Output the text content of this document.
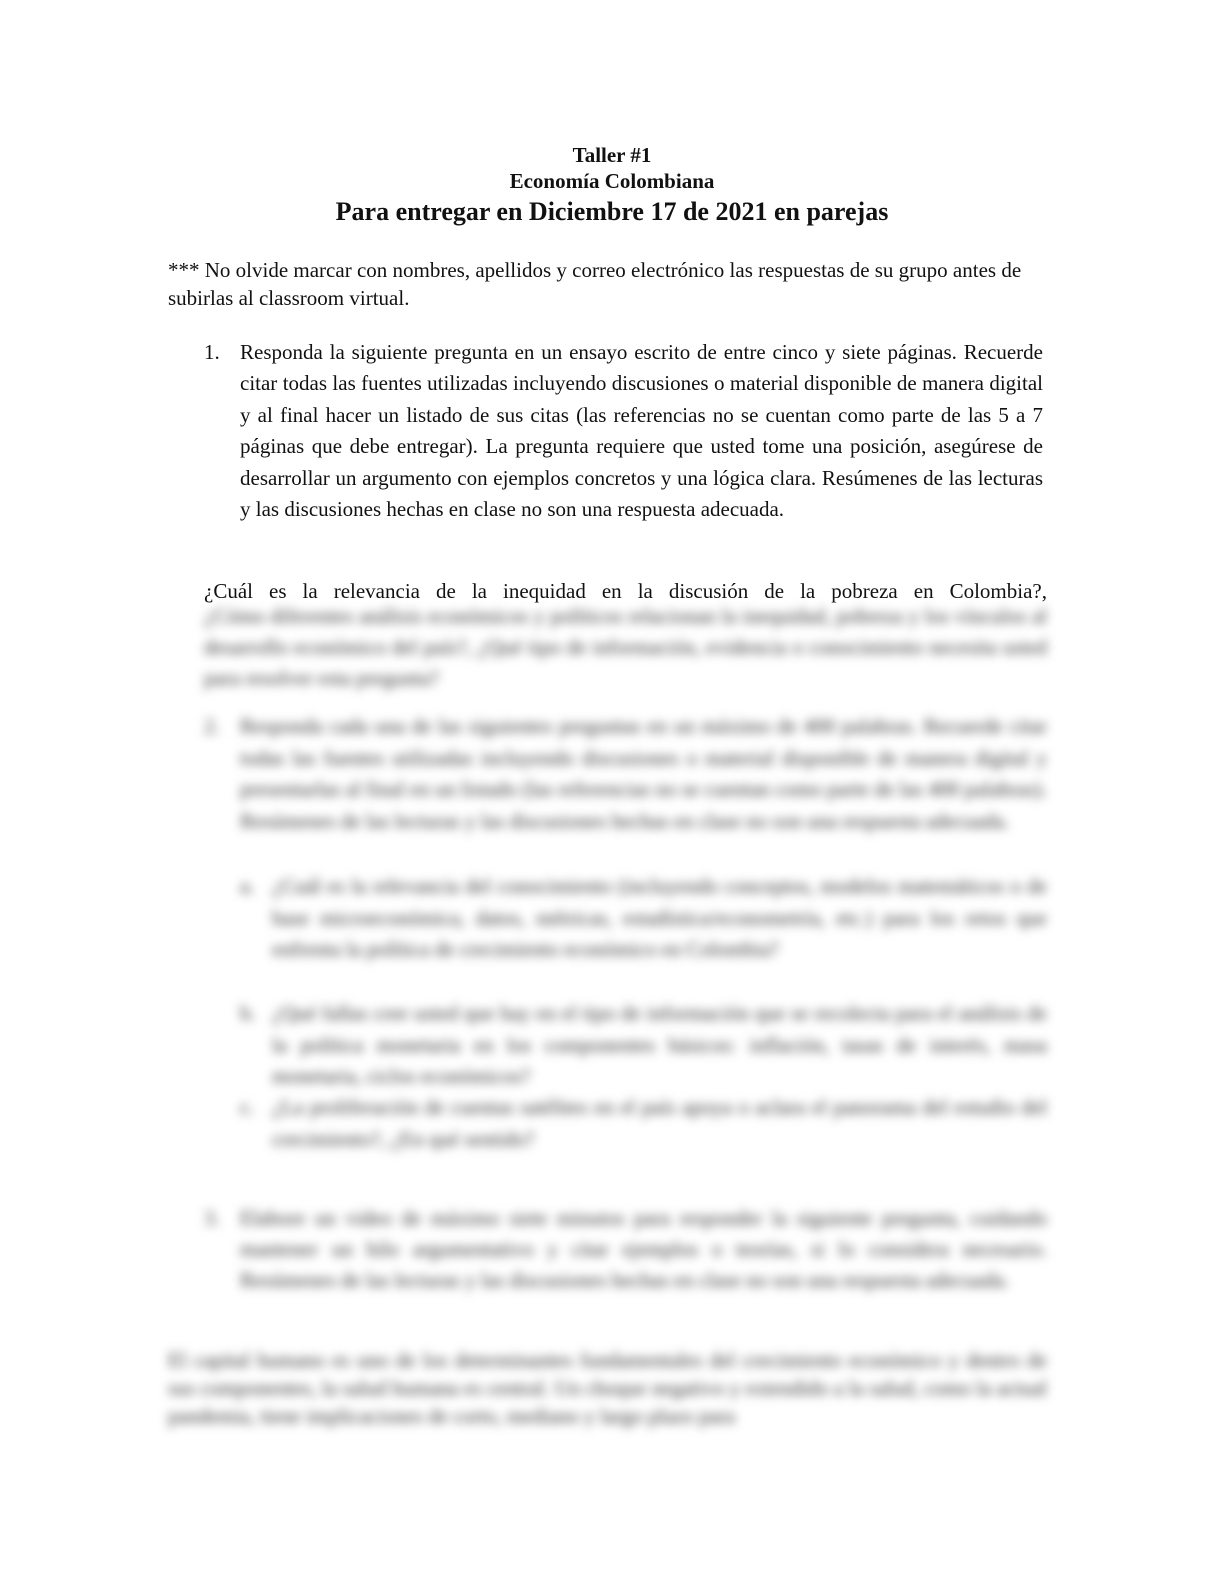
Taller #1
Economía Colombiana
Para entregar en Diciembre 17 de 2021 en parejas
*** No olvide marcar con nombres, apellidos y correo electrónico las respuestas de su grupo antes de subirlas al classroom virtual.
1. Responda la siguiente pregunta en un ensayo escrito de entre cinco y siete páginas. Recuerde citar todas las fuentes utilizadas incluyendo discusiones o material disponible de manera digital y al final hacer un listado de sus citas (las referencias no se cuentan como parte de las 5 a 7 páginas que debe entregar). La pregunta requiere que usted tome una posición, asegúrese de desarrollar un argumento con ejemplos concretos y una lógica clara. Resúmenes de las lecturas y las discusiones hechas en clase no son una respuesta adecuada.
¿Cuál es la relevancia de la inequidad en la discusión de la pobreza en Colombia?,
¿Cómo diferentes análisis económicos y políticos relacionan la inequidad, pobreza y los vínculos al desarrollo económico del país?, ¿Qué tipo de información, evidencia o conocimiento necesita usted para resolver esta pregunta?
2. Responda cada una de las siguientes preguntas en un máximo de 400 palabras. Recuerde citar todas las fuentes utilizadas incluyendo discusiones o material disponible de manera digital y presentarlas al final en un listado (las referencias no se cuentan como parte de las 400 palabras). Resúmenes de las lecturas y las discusiones hechas en clase no son una respuesta adecuada.
a. ¿Cuál es la relevancia del conocimiento (incluyendo conceptos, modelos matemáticos o de base microeconómica, datos, métricas, estadística/econometría, etc.) para los retos que enfrenta la política de crecimiento económico en Colombia?
b. ¿Qué fallas cree usted que hay en el tipo de información que se recolecta para el análisis de la política monetaria en los componentes básicos: inflación, tasas de interés, masa monetaria, ciclos económicos?
c. ¿La proliferación de cuentas satélites en el país apoya o aclara el panorama del estudio del crecimiento?, ¿En qué sentido?
3. Elabore un video de máximo siete minutos para responder la siguiente pregunta, cuidando mantener un hilo argumentativo y citar ejemplos o teorías, si lo considera necesario. Resúmenes de las lecturas y las discusiones hechas en clase no son una respuesta adecuada.
El capital humano es uno de los determinantes fundamentales del crecimiento económico y dentro de sus componentes, la salud humana es central. Un choque negativo y extendido a la salud, como la actual pandemia, tiene implicaciones de corto, mediano y largo plazo para
